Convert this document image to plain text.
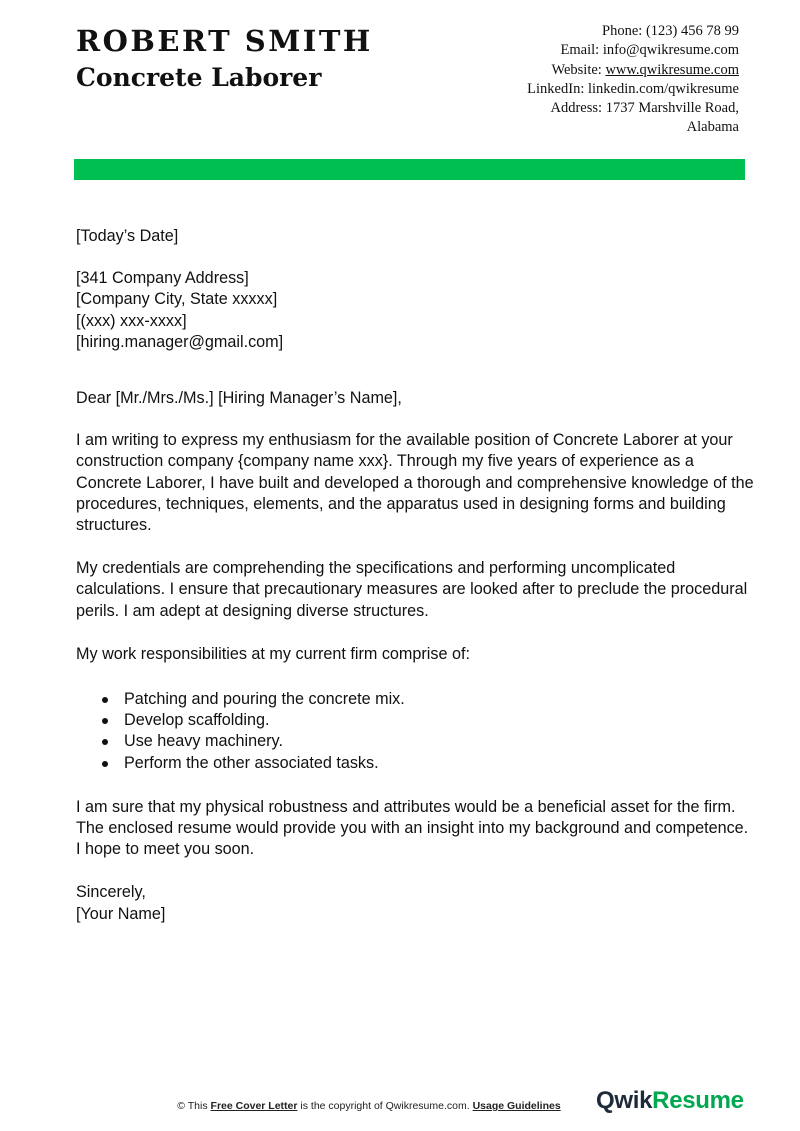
ROBERT SMITH
Concrete Laborer
Phone: (123) 456 78 99
Email: info@qwikresume.com
Website: www.qwikresume.com
LinkedIn: linkedin.com/qwikresume
Address: 1737 Marshville Road,
Alabama

[Today’s Date]

[341 Company Address]

[Company City, State xxxxx]

[(xxx) xxx-xxxx]

[hiring.manager@gmail.com]

Dear [Mr./Mrs./Ms.] [Hiring Manager’s Name],

I am writing to express my enthusiasm for the available position of Concrete Laborer at your construction company {company name xxx}. Through my five years of experience as a Concrete Laborer, I have built and developed a thorough and comprehensive knowledge of the procedures, techniques, elements, and the apparatus used in designing forms and building structures.

My credentials are comprehending the specifications and performing uncomplicated calculations. I ensure that precautionary measures are looked after to preclude the procedural perils. I am adept at designing diverse structures.

My work responsibilities at my current firm comprise of:

Patching and pouring the concrete mix.
Develop scaffolding.
Use heavy machinery.
Perform the other associated tasks.

I am sure that my physical robustness and attributes would be a beneficial asset for the firm. The enclosed resume would provide you with an insight into my background and competence. I hope to meet you soon.

Sincerely,

[Your Name]

© This Free Cover Letter is the copyright of Qwikresume.com. Usage Guidelines	QwikResume
